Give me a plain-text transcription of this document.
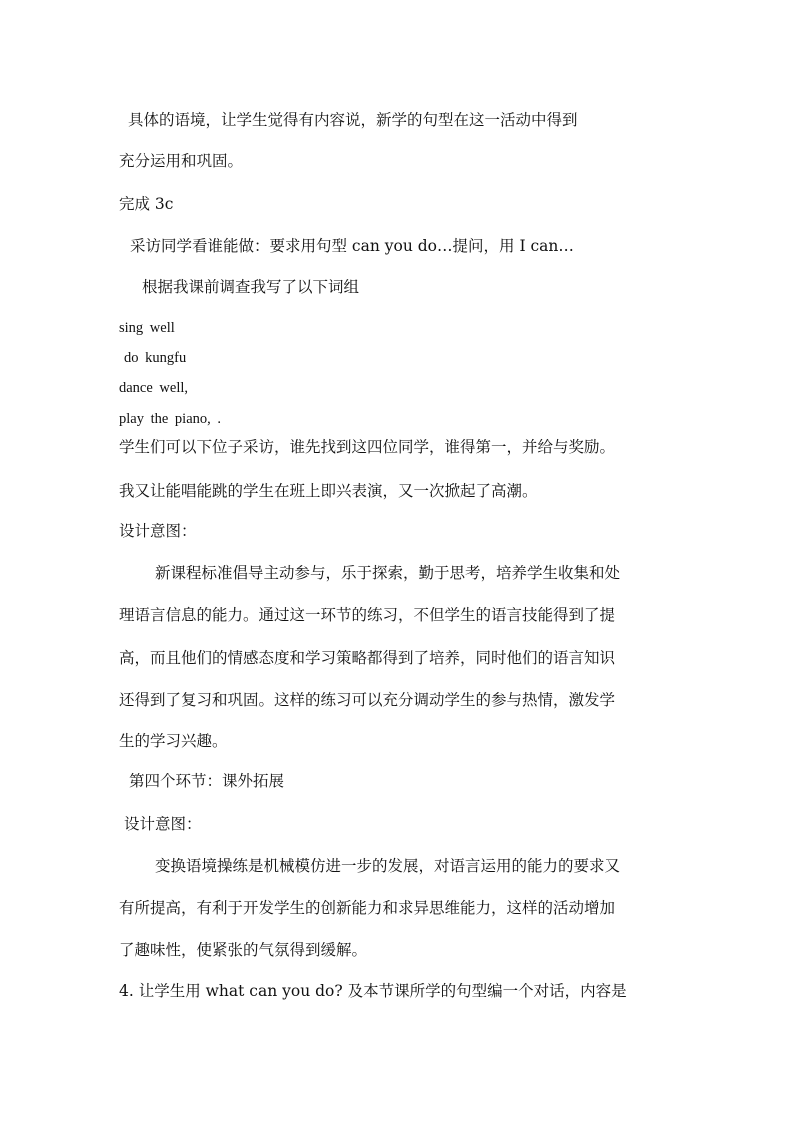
具体的语境，让学生觉得有内容说，新学的句型在这一活动中得到

充分运用和巩固。

完成 3c

采访同学看谁能做：要求用句型 can you do…提问，用 I can…

根据我课前调查我写了以下词组

sing well

do kungfu

dance well,

play the piano, .

学生们可以下位子采访，谁先找到这四位同学，谁得第一，并给与奖励。

我又让能唱能跳的学生在班上即兴表演，又一次掀起了高潮。

设计意图：

新课程标准倡导主动参与，乐于探索，勤于思考，培养学生收集和处

理语言信息的能力。通过这一环节的练习，不但学生的语言技能得到了提

高，而且他们的情感态度和学习策略都得到了培养，同时他们的语言知识

还得到了复习和巩固。这样的练习可以充分调动学生的参与热情，激发学

生的学习兴趣。

第四个环节：课外拓展

设计意图：

变换语境操练是机械模仿进一步的发展，对语言运用的能力的要求又

有所提高，有利于开发学生的创新能力和求异思维能力，这样的活动增加

了趣味性，使紧张的气氛得到缓解。

4. 让学生用 what can you do? 及本节课所学的句型编一个对话，内容是
